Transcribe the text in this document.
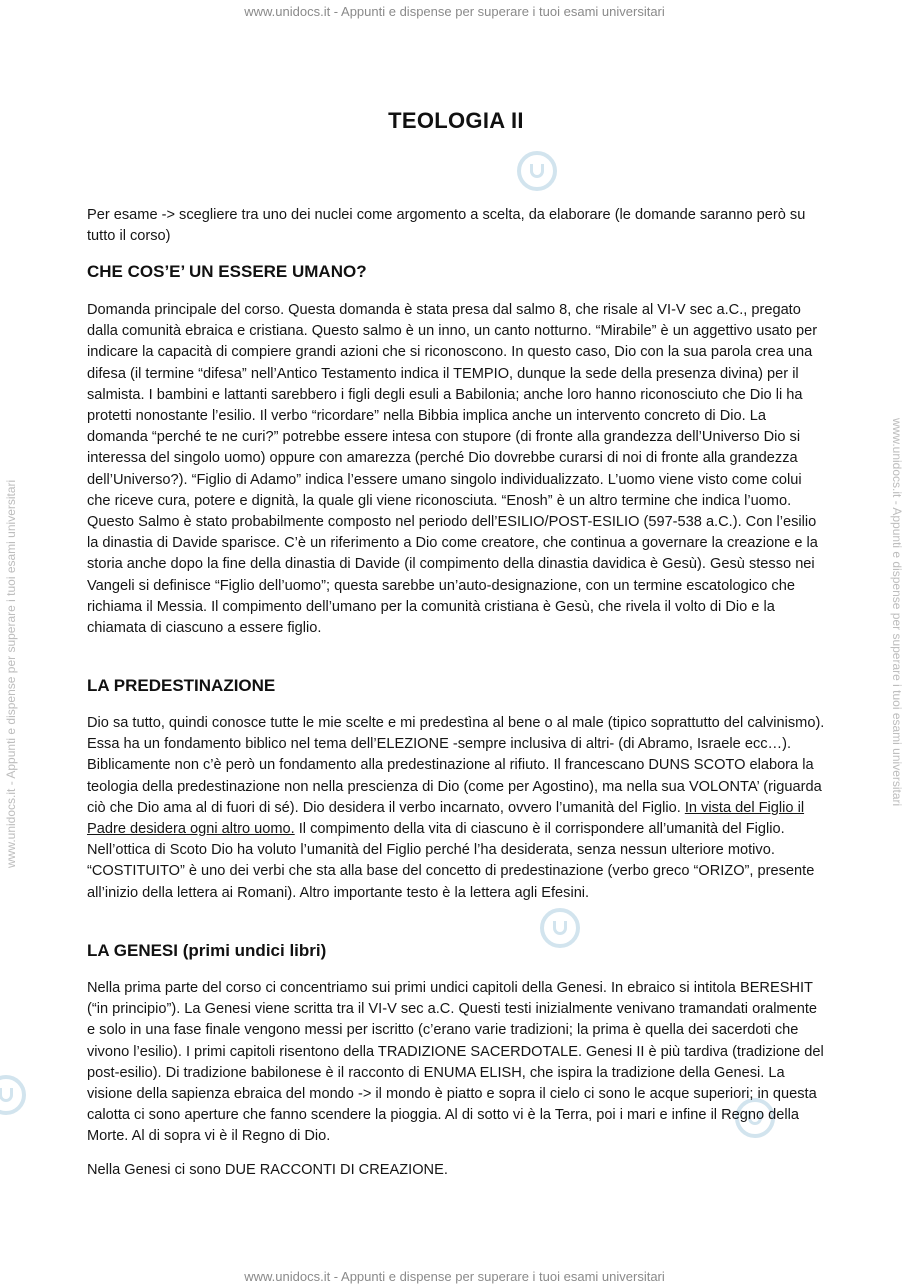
www.unidocs.it - Appunti e dispense per superare i tuoi esami universitari
www.unidocs.it - Appunti e dispense per superare i tuoi esami universitari
www.unidocs.it - Appunti e dispense per superare i tuoi esami universitari	www.unidocs.it - Appunti e dispense per superare i tuoi esami universitari
TEOLOGIA II

Per esame -> scegliere tra uno dei nuclei come argomento a scelta, da elaborare (le domande saranno però su tutto il corso)

CHE COS’E’ UN ESSERE UMANO?

Domanda principale del corso. Questa domanda è stata presa dal salmo 8, che risale al VI-V sec a.C., pregato dalla comunità ebraica e cristiana. Questo salmo è un inno, un canto notturno. “Mirabile” è un aggettivo usato per indicare la capacità di compiere grandi azioni che si riconoscono. In questo caso, Dio con la sua parola crea una difesa (il termine “difesa” nell’Antico Testamento indica il TEMPIO, dunque la sede della presenza divina) per il salmista. I bambini e lattanti sarebbero i figli degli esuli a Babilonia; anche loro hanno riconosciuto che Dio li ha protetti nonostante l’esilio. Il verbo “ricordare” nella Bibbia implica anche un intervento concreto di Dio. La domanda “perché te ne curi?” potrebbe essere intesa con stupore (di fronte alla grandezza dell’Universo Dio si interessa del singolo uomo) oppure con amarezza (perché Dio dovrebbe curarsi di noi di fronte alla grandezza dell’Universo?). “Figlio di Adamo” indica l’essere umano singolo individualizzato. L’uomo viene visto come colui che riceve cura, potere e dignità, la quale gli viene riconosciuta. “Enosh” è un altro termine che indica l’uomo. Questo Salmo è stato probabilmente composto nel periodo dell’ESILIO/POST-ESILIO (597-538 a.C.). Con l’esilio la dinastia di Davide sparisce. C’è un riferimento a Dio come creatore, che continua a governare la creazione e la storia anche dopo la fine della dinastia di Davide (il compimento della dinastia davidica è Gesù). Gesù stesso nei Vangeli si definisce “Figlio dell’uomo”; questa sarebbe un’auto-designazione, con un termine escatologico che richiama il Messia. Il compimento dell’umano per la comunità cristiana è Gesù, che rivela il volto di Dio e la chiamata di ciascuno a essere figlio.

LA PREDESTINAZIONE

Dio sa tutto, quindi conosce tutte le mie scelte e mi predestìna al bene o al male (tipico soprattutto del calvinismo). Essa ha un fondamento biblico nel tema dell’ELEZIONE -sempre inclusiva di altri- (di Abramo, Israele ecc…). Biblicamente non c’è però un fondamento alla predestinazione al rifiuto. Il francescano DUNS SCOTO elabora la teologia della predestinazione non nella prescienza di Dio (come per Agostino), ma nella sua VOLONTA’ (riguarda ciò che Dio ama al di fuori di sé). Dio desidera il verbo incarnato, ovvero l’umanità del Figlio. In vista del Figlio il Padre desidera ogni altro uomo. Il compimento della vita di ciascuno è il corrispondere all’umanità del Figlio. Nell’ottica di Scoto Dio ha voluto l’umanità del Figlio perché l’ha desiderata, senza nessun ulteriore motivo. “COSTITUITO” è uno dei verbi che sta alla base del concetto di predestinazione (verbo greco “ORIZO”, presente all’inizio della lettera ai Romani). Altro importante testo è la lettera agli Efesini.

LA GENESI (primi undici libri)

Nella prima parte del corso ci concentriamo sui primi undici capitoli della Genesi. In ebraico si intitola BERESHIT (“in principio”). La Genesi viene scritta tra il VI-V sec a.C. Questi testi inizialmente venivano tramandati oralmente e solo in una fase finale vengono messi per iscritto (c’erano varie tradizioni; la prima è quella dei sacerdoti che vivono l’esilio). I primi capitoli risentono della TRADIZIONE SACERDOTALE. Genesi II è più tardiva (tradizione del post-esilio). Di tradizione babilonese è il racconto di ENUMA ELISH, che ispira la tradizione della Genesi. La visione della sapienza ebraica del mondo -> il mondo è piatto e sopra il cielo ci sono le acque superiori; in questa calotta ci sono aperture che fanno scendere la pioggia. Al di sotto vi è la Terra, poi i mari e infine il Regno della Morte. Al di sopra vi è il Regno di Dio.

Nella Genesi ci sono DUE RACCONTI DI CREAZIONE.
